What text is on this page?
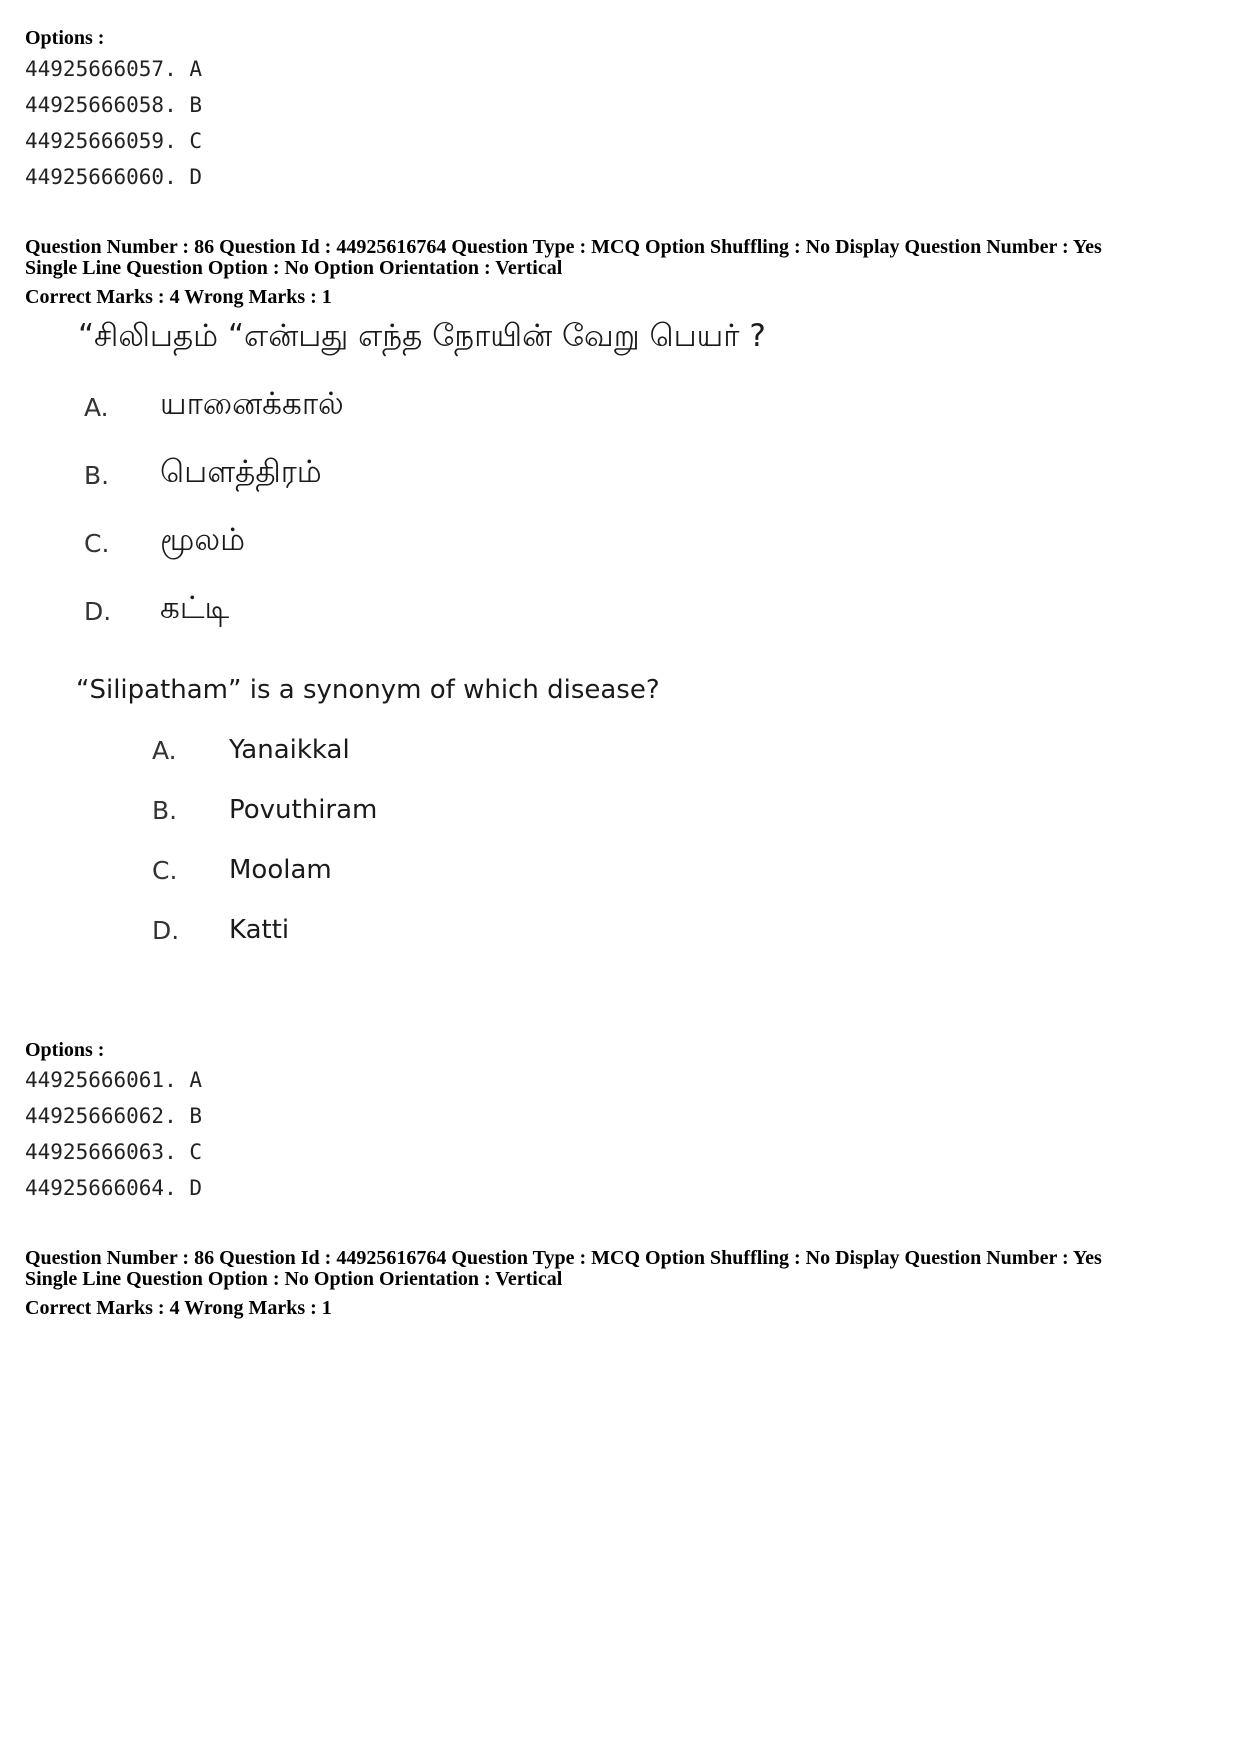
Options :
44925666057. A
44925666058. B
44925666059. C
44925666060. D
Question Number : 86 Question Id : 44925616764 Question Type : MCQ Option Shuffling : No Display Question Number : Yes
Single Line Question Option : No Option Orientation : Vertical
Correct Marks : 4 Wrong Marks : 1
“சிலிபதம் “என்பது எந்த நோயின் வேறு பெயர் ?
A. யானைக்கால்
B. பௌத்திரம்
C. மூலம்
D. கட்டி
“Silipatham” is a synonym of which disease?
A. Yanaikkal
B. Povuthiram
C. Moolam
D. Katti
Options :
44925666061. A
44925666062. B
44925666063. C
44925666064. D
Question Number : 86 Question Id : 44925616764 Question Type : MCQ Option Shuffling : No Display Question Number : Yes
Single Line Question Option : No Option Orientation : Vertical
Correct Marks : 4 Wrong Marks : 1
